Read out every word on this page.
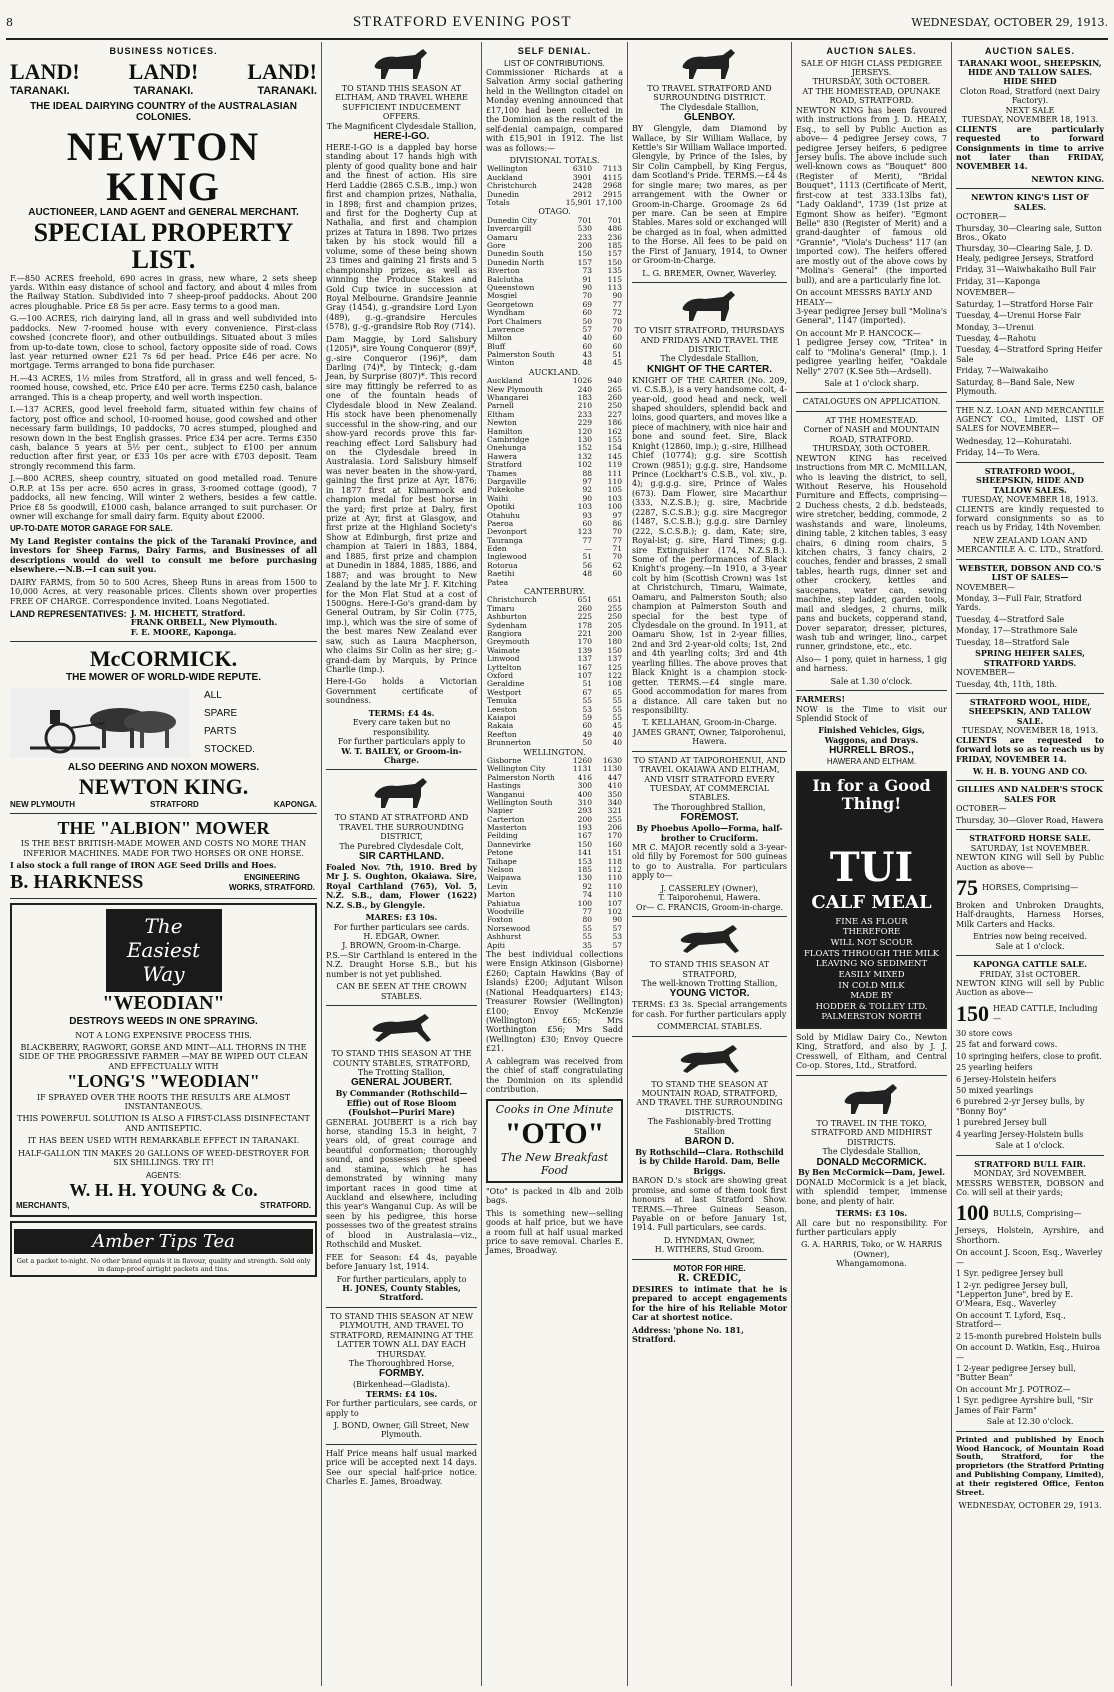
8	STRATFORD EVENING POST	WEDNESDAY, OCTOBER 29, 1913.
BUSINESS NOTICES.
LAND! LAND! LAND!
TARANAKI.	TARANAKI.	TARANAKI.
THE IDEAL DAIRYING COUNTRY of the AUSTRALASIAN COLONIES.
NEWTON KING
AUCTIONEER, LAND AGENT and GENERAL MERCHANT.
SPECIAL PROPERTY LIST.

F.—850 ACRES freehold, 690 acres in grass, new whare, 2 sets sheep yards. Within easy distance of school and factory, and about 4 miles from the Railway Station. Subdivided into 7 sheep-proof paddocks. About 200 acres ploughable. Price £8 5s per acre. Easy terms to a good man.

G.—100 ACRES, rich dairying land, all in grass and well subdivided into paddocks. New 7-roomed house with every convenience. First-class cowshed (concrete floor), and other outbuildings. Situated about 3 miles from up-to-date town, close to school, factory opposite side of road. Cows last year returned owner £21 7s 6d per head. Price £46 per acre. No mortgage. Terms arranged to bona fide purchaser.

H.—43 ACRES, 1½ miles from Stratford, all in grass and well fenced, 5-roomed house, cowshed, etc. Price £40 per acre. Terms £250 cash, balance arranged. This is a cheap property, and well worth inspection.

I.—137 ACRES, good level freehold farm, situated within few chains of factory, post office and school, 10-roomed house, good cowshed and other necessary farm buildings, 10 paddocks, 70 acres stumped, ploughed and resown down in the best English grasses. Price £34 per acre. Terms £350 cash, balance 5 years at 5½ per cent., subject to £100 per annum reduction after first year, or £33 10s per acre with £703 deposit. Team strongly recommend this farm.

J.—800 ACRES, sheep country, situated on good metalled road. Tenure O.R.P. at 15s per acre. 650 acres in grass, 3-roomed cottage (good), 7 paddocks, all new fencing. Will winter 2 wethers, besides a few cattle. Price £8 5s goodwill, £1000 cash, balance arranged to suit purchaser. Or owner will exchange for small dairy farm. Equity about £2000.

UP-TO-DATE MOTOR GARAGE FOR SALE.

My Land Register contains the pick of the Taranaki Province, and investors for Sheep Farms, Dairy Farms, and Businesses of all descriptions would do well to consult me before purchasing elsewhere.—N.B.—I can suit you.

DAIRY FARMS, from 50 to 500 Acres, Sheep Runs in areas from 1500 to 10,000 Acres, at very reasonable prices. Clients shown over properties FREE OF CHARGE. Correspondence invited. Loans Negotiated.

LAND REPRESENTATIVES: J. M. HICHETT, Stratford.
FRANK ORBELL, New Plymouth.
F. E. MOORE, Kaponga.
McCORMICK.
THE MOWER OF WORLD-WIDE REPUTE.
ALL
SPARE
PARTS
STOCKED.
ALSO DEERING AND NOXON MOWERS.
NEWTON KING.
NEW PLYMOUTH	STRATFORD	KAPONGA.
THE "ALBION" MOWER
IS THE BEST BRITISH-MADE MOWER AND COSTS NO MORE THAN INFERIOR MACHINES. MADE FOR TWO HORSES OR ONE HORSE.
I also stock a full range of IRON AGE Seed Drills and Hoes.
B. HARKNESS	ENGINEERING WORKS, STRATFORD.
The Easiest Way
"WEODIAN"
DESTROYS WEEDS IN ONE SPRAYING.
NOT A LONG EXPENSIVE PROCESS THIS.
BLACKBERRY, RAGWORT, GORSE AND MINT—ALL THORNS IN THE SIDE OF THE PROGRESSIVE FARMER —MAY BE WIPED OUT CLEAN AND EFFECTUALLY WITH
"LONG'S "WEODIAN"
IF SPRAYED OVER THE ROOTS THE RESULTS ARE ALMOST INSTANTANEOUS.
THIS POWERFUL SOLUTION IS ALSO A FIRST-CLASS DISINFECTANT AND ANTISEPTIC.
IT HAS BEEN USED WITH REMARKABLE EFFECT IN TARANAKI.
HALF-GALLON TIN MAKES 20 GALLONS OF WEED-DESTROYER FOR SIX SHILLINGS. TRY IT!
AGENTS:
W. H. H. YOUNG & Co.
MERCHANTS,	STRATFORD.
Amber Tips Tea
Get a packet to-night. No other brand equals it in flavour, quality and strength. Sold only in damp-proof airtight packets and tins.
TO STAND THIS SEASON AT ELTHAM, AND TRAVEL WHERE SUFFICIENT INDUCEMENT OFFERS.
The Magnificent Clydesdale Stallion,
HERE-I-GO.

HERE-I-GO is a dappled bay horse standing about 17 hands high with plenty of good quality bone and hair and the finest of action. His sire Herd Laddie (2865 C.S.B., imp.) won first and champion prizes, Nathalia, in 1898; first and champion prizes, and first for the Dogherty Cup at Nathalia, and first and champion prizes at Tatura in 1898. Two prizes taken by his stock would fill a volume, some of these being shown 23 times and gaining 21 firsts and 5 championship prizes, as well as winning the Produce Stakes and Gold Cup twice in succession at Royal Melbourne. Grandsire Jeannie Gray (1454), g.-grandsire Lord Lyon (489), g.-g.-grandsire Hercules (578), g.-g.-grandsire Rob Roy (714).

Dam Maggie, by Lord Salisbury (1205)*, sire Young Conqueror (89)*, g.-sire Conqueror (196)*, dam Darling (74)*, by Tinteck; g.-dam Jean, by Surprise (807)*. This record sire may fittingly be referred to as one of the fountain heads of Clydesdale blood in New Zealand. His stock have been phenomenally successful in the show-ring, and our show-yard records prove this far-reaching effect Lord Salisbury had on the Clydesdale breed in Australasia. Lord Salisbury himself was never beaten in the show-yard, gaining the first prize at Ayr, 1876; in 1877 first at Kilmarnock and champion medal for best horse in the yard; first prize at Dalry, first prize at Ayr, first at Glasgow, and first prize at the Highland Society's Show at Edinburgh, first prize and champion at Taieri in 1883, 1884, and 1885, first prize and champion at Dunedin in 1884, 1885, 1886, and 1887; and was brought to New Zealand by the late Mr J. F. Kitching for the Mon Flat Stud at a cost of 1500gns. Here-I-Go's grand-dam by General Outram, by Sir Colin (775, imp.), which was the sire of some of the best mares New Zealand ever saw, such as Laura Macpherson, who claims Sir Colin as her sire; g.-grand-dam by Marquis, by Prince Charlie (imp.).

Here-I-Go holds a Victorian Government certificate of soundness.

TERMS: £4 4s.
Every care taken but no responsibility.
For further particulars apply to
W. T. BAILEY, or Groom-in-Charge.
TO STAND AT STRATFORD AND TRAVEL THE SURROUNDING DISTRICT,
The Purebred Clydesdale Colt,
SIR CARTHLAND.

Foaled Nov. 7th, 1910. Bred by Mr J. S. Oughton, Okaiawa. Sire, Royal Carthland (765), Vol. 5, N.Z. S.B., dam, Flower (1622) N.Z. S.B., by Glengyle.

MARES: £3 10s.
For further particulars see cards.
H. EDGAR, Owner.
J. BROWN, Groom-in-Charge.

P.S.—Sir Carthland is entered in the N.Z. Draught Horse S.B., but his number is not yet published.

CAN BE SEEN AT THE CROWN STABLES.
TO STAND THIS SEASON AT THE COUNTY STABLES, STRATFORD,
The Trotting Stallion,
GENERAL JOUBERT.
By Commander (Rothschild—Effie) out of Rose Bloom (Foulshot—Puriri Mare)

GENERAL JOUBERT is a rich bay horse, standing 15.3 in height, 7 years old, of great courage and beautiful conformation; thoroughly sound, and possesses great speed and stamina, which he has demonstrated by winning many important races in good time at Auckland and elsewhere, including this year's Wanganui Cup. As will be seen by his pedigree, this horse possesses two of the greatest strains of blood in Australasia—viz., Rothschild and Musket.

FEE for Season: £4 4s, payable before January 1st, 1914.

For further particulars, apply to
H. JONES, County Stables, Stratford.
TO STAND THIS SEASON AT NEW PLYMOUTH, AND TRAVEL TO STRATFORD, REMAINING AT THE LATTER TOWN ALL DAY EACH THURSDAY.
The Thoroughbred Horse,
FORMBY.
(Birkenhead—Gladista).
TERMS: £4 10s.

For further particulars, see cards, or apply to

J. BOND, Owner, Gill Street, New Plymouth.

Half Price means half usual marked price will be accepted next 14 days. See our special half-price notice. Charles E. James, Broadway.

SELF DENIAL.
LIST OF CONTRIBUTIONS.

Commissioner Richards at a Salvation Army social gathering held in the Wellington citadel on Monday evening announced that £17,100 had been collected in the Dominion as the result of the self-denial campaign, compared with £15,901 in 1912. The list was as follows:—

DIVISIONAL TOTALS.
Wellington	6310	7113
Auckland	3901	4115
Christchurch	2428	2968
Dunedin	2912	2915
Totals	15,901	17,100
OTAGO.
Dunedin City	701	701
Invercargill	530	486
Oamaru	233	236
Gore	200	185
Dunedin South	150	157
Dunedin North	157	150
Riverton	73	135
Balclutha	91	115
Queenstown	90	113
Mosgiel	70	90
Georgetown	69	77
Wyndham	60	72
Port Chalmers	50	70
Lawrence	57	70
Milton	40	60
Bluff	60	60
Palmerston South	43	51
Winton	48	45
AUCKLAND.
Auckland	1026	940
New Plymouth	240	265
Whangarei	183	260
Parnell	210	250
Eltham	233	227
Newton	229	186
Hamilton	120	162
Cambridge	130	155
Onehunga	152	154
Hawera	132	145
Stratford	102	119
Thames	88	111
Dargaville	97	110
Pukekohe	92	105
Waihi	90	103
Opotiki	103	100
Otahuhu	93	97
Paeroa	60	86
Devonport	123	70
Tauranga	77	77
Eden	—	71
Inglewood	51	70
Rotorua	56	62
Raetihi	48	60
Patea		
CANTERBURY.
Christchurch	651	651
Timaru	260	255
Ashburton	225	250
Sydenham	178	205
Rangiora	221	200
Greymouth	170	180
Waimate	139	150
Linwood	137	137
Lyttelton	167	125
Oxford	107	122
Geraldine	51	108
Westport	67	65
Temuka	55	55
Leeston	53	55
Kaiapoi	59	55
Rakaia	60	45
Reefton	49	40
Brunnerton	50	40
WELLINGTON.
Gisborne	1260	1630
Wellington City	1131	1130
Palmerston North	416	447
Hastings	300	410
Wanganui	400	350
Wellington South	310	340
Napier	293	321
Carterton	200	255
Masterton	193	206
Feilding	167	170
Dannevirke	150	160
Petone	141	151
Taihape	153	118
Nelson	185	112
Waipawa	130	110
Levin	92	110
Marton	74	110
Pahiatua	100	107
Woodville	77	102
Foxton	80	90
Norsewood	55	57
Ashhurst	55	53
Apiti	35	57

The best individual collections were Ensign Atkinson (Gisborne) £260; Captain Hawkins (Bay of Islands) £200; Adjutant Wilson (National Headquarters) £143; Treasurer Rowsier (Wellington) £100; Envoy McKenzie (Wellington) £65; Mrs Worthington £56; Mrs Sadd (Wellington) £30; Envoy Quecre £21.

A cablegram was received from the chief of staff congratulating the Dominion on its splendid contribution.

Cooks in One Minute
"OTO"
The New Breakfast Food

"Oto" is packed in 4lb and 20lb bags.

This is something new—selling goods at half price, but we have a room full at half usual marked price to save removal. Charles E. James, Broadway.

TO TRAVEL STRATFORD AND SURROUNDING DISTRICT.
The Clydesdale Stallion,
GLENBOY.

BY Glengyle, dam Diamond by Wallace, by Sir William Wallace, by Kettle's Sir William Wallace imported. Glengyle, by Prince of the Isles, by Sir Colin Campbell, by King Fergus, dam Scotland's Pride. TERMS.—£4 4s for single mare; two mares, as per arrangement with the Owner or Groom-in-Charge. Groomage 2s 6d per mare. Can be seen at Empire Stables. Mares sold or exchanged will be charged as in foal, when admitted to the Horse. All fees to be paid on the First of January, 1914, to Owner or Groom-in-Charge.

L. G. BREMER, Owner, Waverley.
TO VISIT STRATFORD, THURSDAYS AND FRIDAYS AND TRAVEL THE DISTRICT.
The Clydesdale Stallion,
KNIGHT OF THE CARTER.

KNIGHT OF THE CARTER (No. 209, vi. C.S.B.), is a very handsome colt, 4-year-old, good head and neck, well shaped shoulders, splendid back and loins, good quarters, and moves like a piece of machinery, with nice hair and bone and sound feet. Sire, Black Knight (12860, imp.); g.-sire, Hillhead Chief (10774); g.g. sire Scottish Crown (9851); g.g.g. sire, Handsome Prince (Lockhart's C.S.B., vol. xiv., p. 4); g.g.g.g. sire, Prince of Wales (673). Dam Flower, sire Macarthur (333, N.Z.S.B.); g. sire, Macbride (2287, S.C.S.B.); g.g. sire Macgregor (1487, S.C.S.B.); g.g.g. sire Darnley (222, S.C.S.B.); g. dam, Kate; sire, Royal-ist; g. sire, Hard Times; g.g. sire Extinguisher (174, N.Z.S.B.). Some of the performances of Black Knight's progeny.—In 1910, a 3-year colt by him (Scottish Crown) was 1st at Christchurch, Timaru, Waimate, Oamaru, and Palmerston South; also champion at Palmerston South and special for the best type of Clydesdale on the ground. In 1911, at Oamaru Show, 1st in 2-year fillies, 2nd and 3rd 2-year-old colts; 1st, 2nd and 4th yearling colts; 3rd and 4th yearling fillies. The above proves that Black Knight is a champion stock-getter. TERMS.—£4 single mare. Good accommodation for mares from a distance. All care taken but no responsibility.

T. KELLAHAN, Groom-in-Charge.
JAMES GRANT, Owner, Taiporohenui, Hawera.
TO STAND AT TAIPOROHENUI, AND TRAVEL OKAIAWA AND ELTHAM, AND VISIT STRATFORD EVERY TUESDAY, AT COMMERCIAL STABLES.
The Thoroughbred Stallion,
FOREMOST.
By Phoebus Apollo—Forma, half-brother to Cruciform.

MR C. MAJOR recently sold a 3-year-old filly by Foremost for 500 guineas to go to Australia. For particulars apply to—

J. CASSERLEY (Owner),
T. Taiporohenui, Hawera.
Or— C. FRANCIS, Groom-in-charge.
TO STAND THIS SEASON AT STRATFORD,
The well-known Trotting Stallion,
YOUNG VICTOR.

TERMS: £3 3s. Special arrangements for cash. For further particulars apply

COMMERCIAL STABLES.
TO STAND THE SEASON AT MOUNTAIN ROAD, STRATFORD, AND TRAVEL THE SURROUNDING DISTRICTS.
The Fashionably-bred Trotting Stallion
BARON D.
By Rothschild—Clara. Rothschild is by Childe Harold. Dam, Belle Briggs.

BARON D.'s stock are showing great promise, and some of them took first honours at last Stratford Show. TERMS.—Three Guineas Season. Payable on or before January 1st, 1914. Full particulars, see cards.

D. HYNDMAN, Owner,
H. WITHERS, Stud Groom.
MOTOR FOR HIRE.
R. CREDIC,

DESIRES to intimate that he is prepared to accept engagements for the hire of his Reliable Motor Car at shortest notice.

Address: 'phone No. 181, Stratford.
AUCTION SALES.
SALE OF HIGH CLASS PEDIGREE JERSEYS.
THURSDAY, 30th OCTOBER.
AT THE HOMESTEAD, OPUNAKE ROAD, STRATFORD.

NEWTON KING has been favoured with instructions from J. D. HEALY, Esq., to sell by Public Auction as above— 4 pedigree Jersey cows, 7 pedigree Jersey heifers, 6 pedigree Jersey bulls. The above include such well-known cows as "Bouquet" 800 (Register of Merit), "Bridal Bouquet", 1113 (Certificate of Merit, first-cow at test 333.13lbs fat), "Lady Oakland", 1739 (1st prize at Egmont Show as heifer). "Egmont Belle" 830 (Register of Merit) and a grand-daughter of famous old "Grannie", "Viola's Duchess" 117 (an imported cow). The heifers offered are mostly out of the above cows by "Molina's General" (the imported bull), and are a particularly fine lot.

On account MESSRS BAYLY AND HEALY—

3-year pedigree Jersey bull "Molina's General", 1147 (imported).

On account Mr P. HANCOCK—

1 pedigree Jersey cow, "Tritea" in calf to "Molina's General" (Imp.). 1 pedigree yearling heifer, "Oakdale Nelly" 2707 (K.See 5th—Ardsell).

Sale at 1 o'clock sharp.
CATALOGUES ON APPLICATION.
AT THE HOMESTEAD.
Corner of NASH and MOUNTAIN ROAD, STRATFORD.
THURSDAY, 30th OCTOBER.

NEWTON KING has received instructions from MR C. McMILLAN, who is leaving the district, to sell, Without Reserve, his Household Furniture and Effects, comprising— 2 Duchess chests, 2 d.b. bedsteads, wire stretcher, bedding, commode, 2 washstands and ware, linoleums, dining table, 2 kitchen tables, 3 easy chairs, 6 dining room chairs, 5 kitchen chairs, 3 fancy chairs, 2 couches, fender and brasses, 2 small tables, hearth rugs, dinner set and other crockery, kettles and saucepans, water can, sewing machine, step ladder, garden tools, mail and sledges, 2 churns, milk pans and buckets, copperand stand, Dover separator, dresser, pictures, wash tub and wringer, lino., carpet runner, grindstone, etc., etc.

Also— 1 pony, quiet in harness, 1 gig and harness.

Sale at 1.30 o'clock.
FARMERS!

NOW is the Time to visit our Splendid Stock of

Finished Vehicles, Gigs, Waggons, and Drays.
HURRELL BROS.,
HAWERA AND ELTHAM.
In for a Good Thing!
TUI
CALF MEAL
FINE AS FLOUR
THEREFORE
WILL NOT SCOUR
FLOATS THROUGH THE MILK
LEAVING NO SEDIMENT
EASILY MIXED
IN COLD MILK
MADE BY
HODDER & TOLLEY LTD.
PALMERSTON NORTH

Sold by Midlaw Dairy Co., Newton King, Stratford, and also by J. J. Cresswell, of Eltham, and Central Co-op. Stores, Ltd., Stratford.

TO TRAVEL IN THE TOKO, STRATFORD AND MIDHIRST DISTRICTS.
The Clydesdale Stallion,
DONALD McCORMICK.
By Ben McCormick—Dam, Jewel.

DONALD McCormick is a jet black, with splendid temper, immense bone, and plenty of hair.

TERMS: £3 10s.

All care but no responsibility. For further particulars apply

G. A. HARRIS, Toko, or W. HARRIS (Owner),
Whangamomona.
AUCTION SALES.
TARANAKI WOOL, SHEEPSKIN, HIDE AND TALLOW SALES.
HIDE SHED
Cloton Road, Stratford (next Dairy Factory).
NEXT SALE
TUESDAY, NOVEMBER 18, 1913.

CLIENTS are particularly requested to forward Consignments in time to arrive not later than FRIDAY, NOVEMBER 14.

NEWTON KING.
NEWTON KING'S LIST OF SALES.
OCTOBER—
Thursday, 30—Clearing sale, Sutton Bros., Okato
Thursday, 30—Clearing Sale, J. D. Healy, pedigree Jerseys, Stratford
Friday, 31—Waiwhakaiho Bull Fair
Friday, 31—Kaponga
NOVEMBER—
Saturday, 1—Stratford Horse Fair
Tuesday, 4—Urenui Horse Fair
Monday, 3—Urenui
Tuesday, 4—Rahotu
Tuesday, 4—Stratford Spring Heifer Sale
Friday, 7—Waiwakaiho
Saturday, 8—Band Sale, New Plymouth.

THE N.Z. LOAN AND MERCANTILE AGENCY CO., Limited, LIST OF SALES for NOVEMBER—

Wednesday, 12—Kohuratahi.
Friday, 14—To Wera.
STRATFORD WOOL, SHEEPSKIN, HIDE AND TALLOW SALES.
TUESDAY, NOVEMBER 18, 1913.

CLIENTS are kindly requested to forward consignments so as to reach us by Friday, 14th November.

NEW ZEALAND LOAN AND MERCANTILE A. C. LTD., Stratford.
WEBSTER, DOBSON AND CO.'S LIST OF SALES—
NOVEMBER—
Monday, 3—Full Fair, Stratford Yards.
Tuesday, 4—Stratford Sale
Monday, 17—Strathmore Sale
Tuesday, 18—Stratford Sale
SPRING HEIFER SALES, STRATFORD YARDS.
NOVEMBER—
Tuesday, 4th, 11th, 18th.
STRATFORD WOOL, HIDE, SHEEPSKIN, AND TALLOW SALE.
TUESDAY, NOVEMBER 18, 1913.

CLIENTS are requested to forward lots so as to reach us by FRIDAY, NOVEMBER 14.

W. H. B. YOUNG AND CO.
GILLIES AND NALDER'S STOCK SALES FOR
OCTOBER—
Thursday, 30—Glover Road, Hawera
STRATFORD HORSE SALE.
SATURDAY, 1st NOVEMBER.

NEWTON KING will Sell by Public Auction as above—

75 HORSES, Comprising—

Broken and Unbroken Draughts, Half-draughts, Harness Horses, Milk Carters and Hacks.

Entries now being received.
Sale at 1 o'clock.
KAPONGA CATTLE SALE.
FRIDAY, 31st OCTOBER.

NEWTON KING will sell by Public Auction as above—

150 HEAD CATTLE, Including—
30 store cows
25 fat and forward cows.
10 springing heifers, close to profit.
25 yearling heifers
6 Jersey-Holstein heifers
50 mixed yearlings
6 purebred 2-yr Jersey bulls, by "Bonny Boy"
1 purebred Jersey bull
4 yearling Jersey-Holstein bulls
Sale at 1 o'clock.
STRATFORD BULL FAIR.
MONDAY, 3rd NOVEMBER.

MESSRS WEBSTER, DOBSON and Co. will sell at their yards;

100 BULLS, Comprising—

Jerseys, Holstein, Ayrshire, and Shorthorn.

On account J. Scoon, Esq., Waverley—
1 Syr. pedigree Jersey bull
1 2-yr. pedigree Jersey bull, "Lepperton June", bred by E. O'Meara, Esq., Waverley
On account T. Lyford, Esq., Stratford—
2 15-month purebred Holstein bulls
On account D. Watkin, Esq., Huiroa—
1 2-year pedigree Jersey bull, "Butter Bean"
On account Mr J. POTROZ—
1 Syr. pedigree Ayrshire bull, "Sir James of Fair Farm"
Sale at 12.30 o'clock.

Printed and published by Enoch Wood Hancock, of Mountain Road South, Stratford, for the proprietors (the Stratford Printing and Publishing Company, Limited), at their registered Office, Fenton Street.

WEDNESDAY, OCTOBER 29, 1913.
